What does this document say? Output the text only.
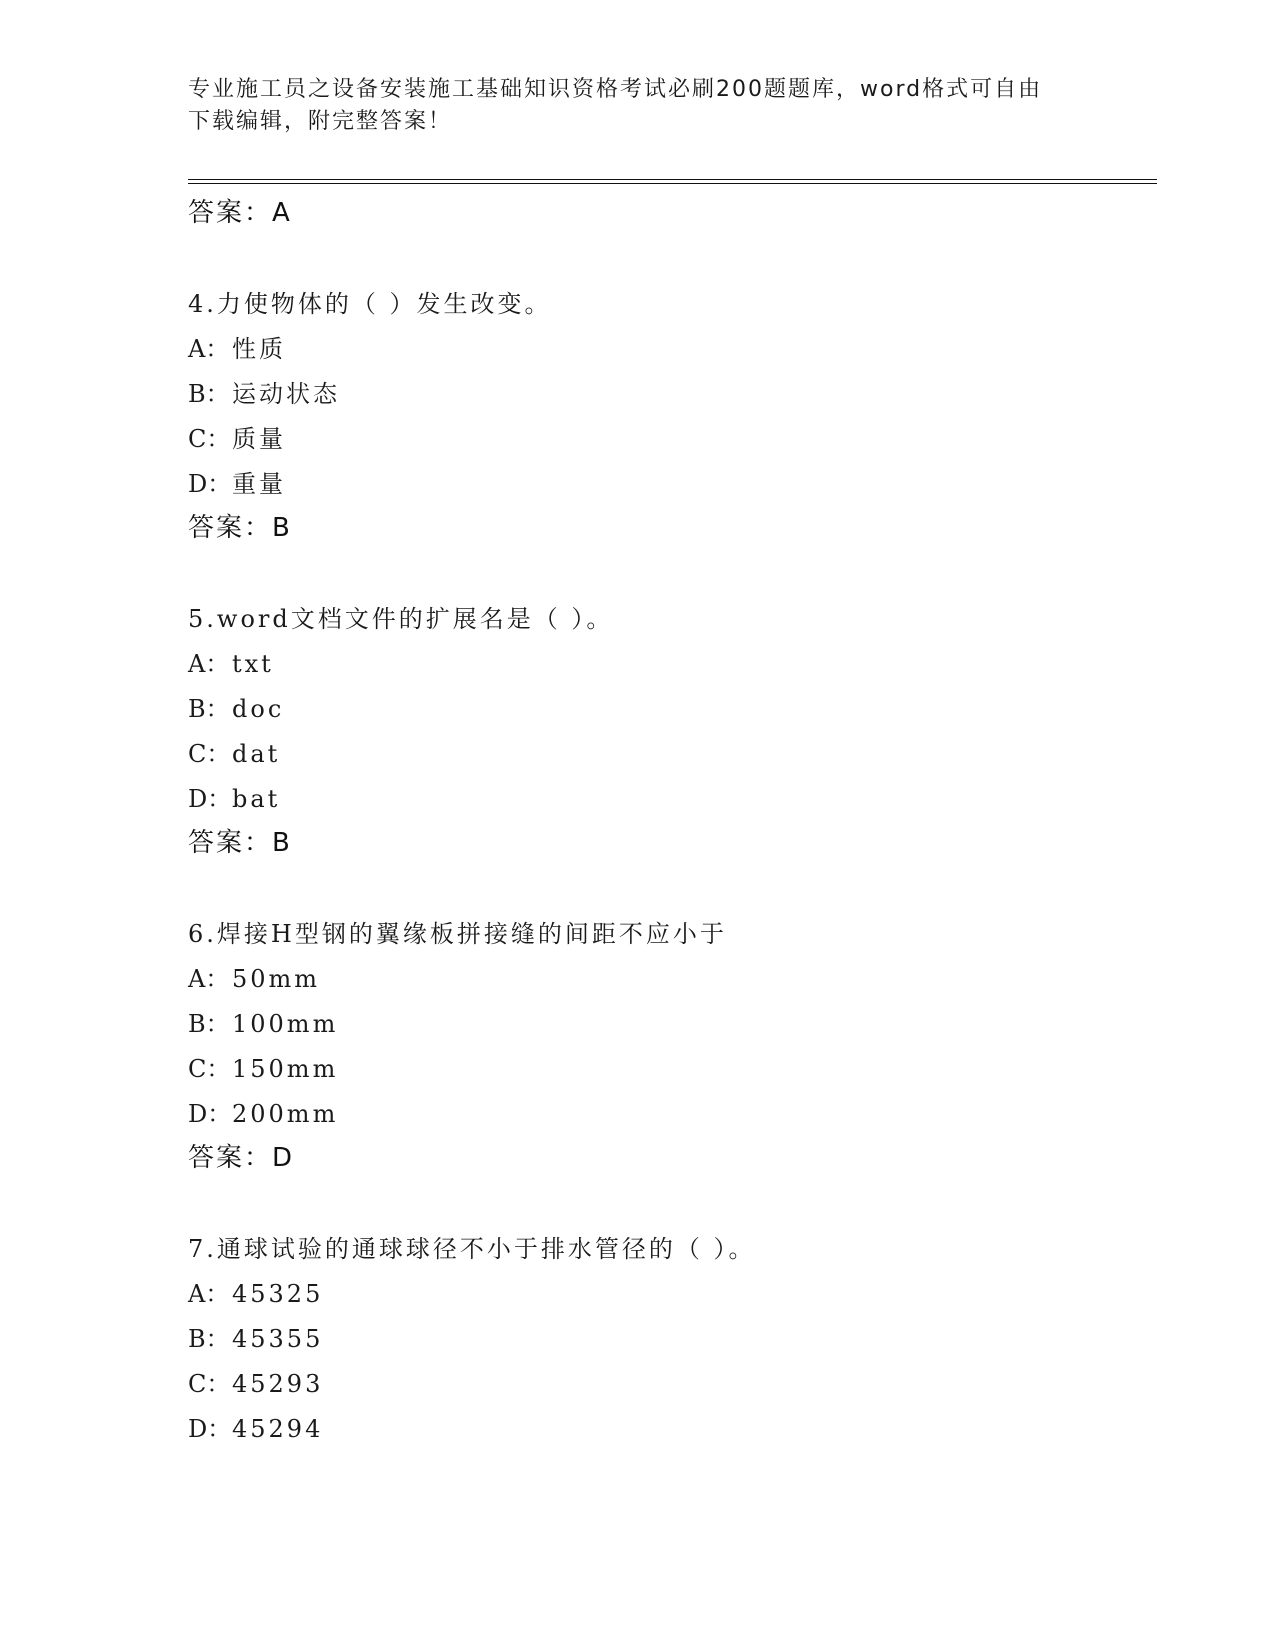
专业施工员之设备安装施工基础知识资格考试必刷200题题库，word格式可自由
下载编辑，附完整答案！
答案：A
4.力使物体的（ ）发生改变。
A： 性质
B：运动状态
C：质量
D：重量
答案：B
5.word文档文件的扩展名是（ ）。
A： txt
B：doc
C：dat
D：bat
答案：B
6.焊接H型钢的翼缘板拼接缝的间距不应小于
A： 50mm
B：100mm
C：150mm
D：200mm
答案：D
7.通球试验的通球球径不小于排水管径的（ ）。
A： 45325
B：45355
C：45293
D：45294
